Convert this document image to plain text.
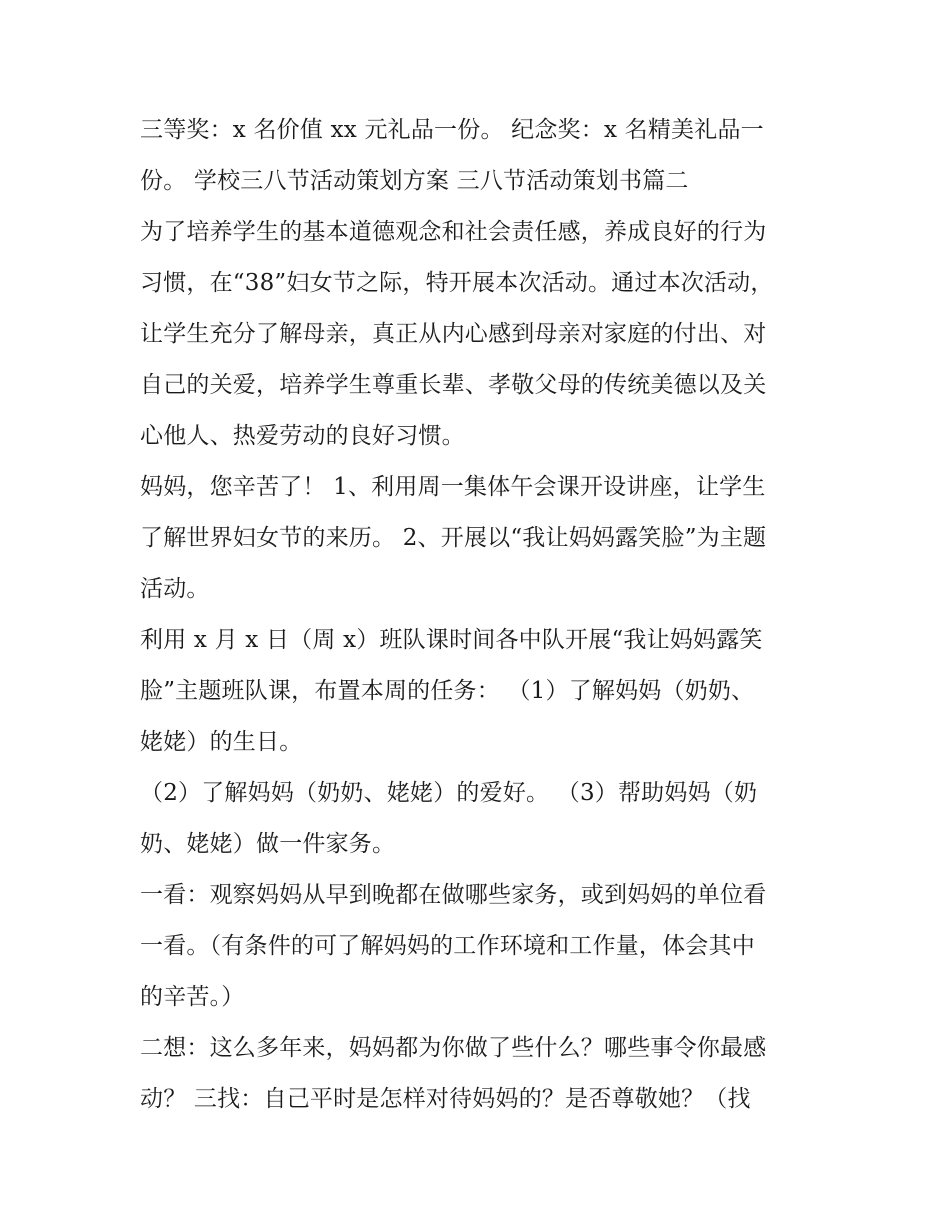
三等奖：x 名价值 xx 元礼品一份。 纪念奖：x 名精美礼品一
份。 学校三八节活动策划方案 三八节活动策划书篇二
为了培养学生的基本道德观念和社会责任感，养成良好的行为
习惯，在“38”妇女节之际，特开展本次活动。通过本次活动，
让学生充分了解母亲，真正从内心感到母亲对家庭的付出、对
自己的关爱，培养学生尊重长辈、孝敬父母的传统美德以及关
心他人、热爱劳动的良好习惯。
妈妈，您辛苦了！ 1、利用周一集体午会课开设讲座，让学生
了解世界妇女节的来历。 2、开展以“我让妈妈露笑脸”为主题
活动。
利用 x 月 x 日（周 x）班队课时间各中队开展“我让妈妈露笑
脸”主题班队课，布置本周的任务： （1）了解妈妈（奶奶、
姥姥）的生日。
（2）了解妈妈（奶奶、姥姥）的爱好。 （3）帮助妈妈（奶
奶、姥姥）做一件家务。
一看：观察妈妈从早到晚都在做哪些家务，或到妈妈的单位看
一看。（有条件的可了解妈妈的工作环境和工作量，体会其中
的辛苦。）
二想：这么多年来，妈妈都为你做了些什么？哪些事令你最感
动？ 三找：自己平时是怎样对待妈妈的？是否尊敬她？（找
